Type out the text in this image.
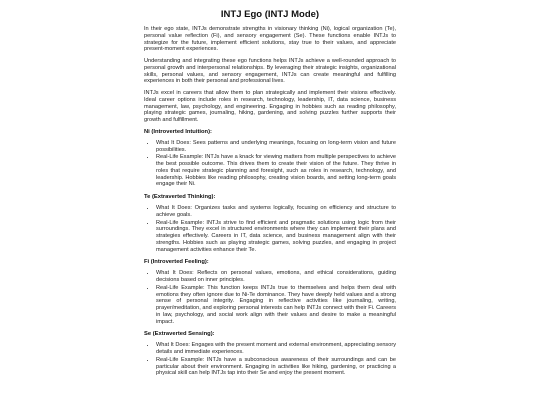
INTJ Ego (INTJ Mode)

In their ego state, INTJs demonstrate strengths in visionary thinking (Ni), logical organization (Te), personal value reflection (Fi), and sensory engagement (Se). These functions enable INTJs to strategize for the future, implement efficient solutions, stay true to their values, and appreciate present-moment experiences.

Understanding and integrating these ego functions helps INTJs achieve a well-rounded approach to personal growth and interpersonal relationships. By leveraging their strategic insights, organizational skills, personal values, and sensory engagement, INTJs can create meaningful and fulfilling experiences in both their personal and professional lives.

INTJs excel in careers that allow them to plan strategically and implement their visions effectively. Ideal career options include roles in research, technology, leadership, IT, data science, business management, law, psychology, and engineering. Engaging in hobbies such as reading philosophy, playing strategic games, journaling, hiking, gardening, and solving puzzles further supports their growth and fulfillment.

Ni (Introverted Intuition):
• What It Does: Sees patterns and underlying meanings, focusing on long-term vision and future possibilities.
• Real-Life Example: INTJs have a knack for viewing matters from multiple perspectives to achieve the best possible outcome. This drives them to create their vision of the future. They thrive in roles that require strategic planning and foresight, such as roles in research, technology, and leadership. Hobbies like reading philosophy, creating vision boards, and setting long-term goals engage their Ni.
Te (Extraverted Thinking):
• What It Does: Organizes tasks and systems logically, focusing on efficiency and structure to achieve goals.
• Real-Life Example: INTJs strive to find efficient and pragmatic solutions using logic from their surroundings. They excel in structured environments where they can implement their plans and strategies effectively. Careers in IT, data science, and business management align with their strengths. Hobbies such as playing strategic games, solving puzzles, and engaging in project management activities enhance their Te.
Fi (Introverted Feeling):
• What It Does: Reflects on personal values, emotions, and ethical considerations, guiding decisions based on inner principles.
• Real-Life Example: This function keeps INTJs true to themselves and helps them deal with emotions they often ignore due to Ni-Te dominance. They have deeply held values and a strong sense of personal integrity. Engaging in reflective activities like journaling, writing, prayer/meditation, and exploring personal interests can help INTJs connect with their Fi. Careers in law, psychology, and social work align with their values and desire to make a meaningful impact.
Se (Extraverted Sensing):
• What It Does: Engages with the present moment and external environment, appreciating sensory details and immediate experiences.
• Real-Life Example: INTJs have a subconscious awareness of their surroundings and can be particular about their environment. Engaging in activities like hiking, gardening, or practicing a physical skill can help INTJs tap into their Se and enjoy the present moment.
